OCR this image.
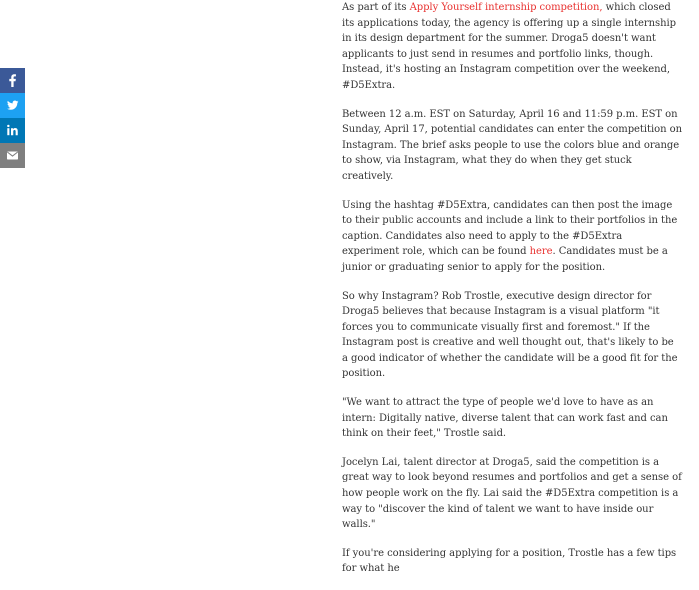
As part of its Apply Yourself internship competition, which closed its applications today, the agency is offering up a single internship in its design department for the summer. Droga5 doesn't want applicants to just send in resumes and portfolio links, though. Instead, it's hosting an Instagram competition over the weekend, #D5Extra.

Between 12 a.m. EST on Saturday, April 16 and 11:59 p.m. EST on Sunday, April 17, potential candidates can enter the competition on Instagram. The brief asks people to use the colors blue and orange to show, via Instagram, what they do when they get stuck creatively.

Using the hashtag #D5Extra, candidates can then post the image to their public accounts and include a link to their portfolios in the caption. Candidates also need to apply to the #D5Extra experiment role, which can be found here. Candidates must be a junior or graduating senior to apply for the position.

So why Instagram? Rob Trostle, executive design director for Droga5 believes that because Instagram is a visual platform "it forces you to communicate visually first and foremost." If the Instagram post is creative and well thought out, that's likely to be a good indicator of whether the candidate will be a good fit for the position.

"We want to attract the type of people we'd love to have as an intern: Digitally native, diverse talent that can work fast and can think on their feet," Trostle said.

Jocelyn Lai, talent director at Droga5, said the competition is a great way to look beyond resumes and portfolios and get a sense of how people work on the fly. Lai said the #D5Extra competition is a way to "discover the kind of talent we want to have inside our walls."

If you're considering applying for a position, Trostle has a few tips for what he
